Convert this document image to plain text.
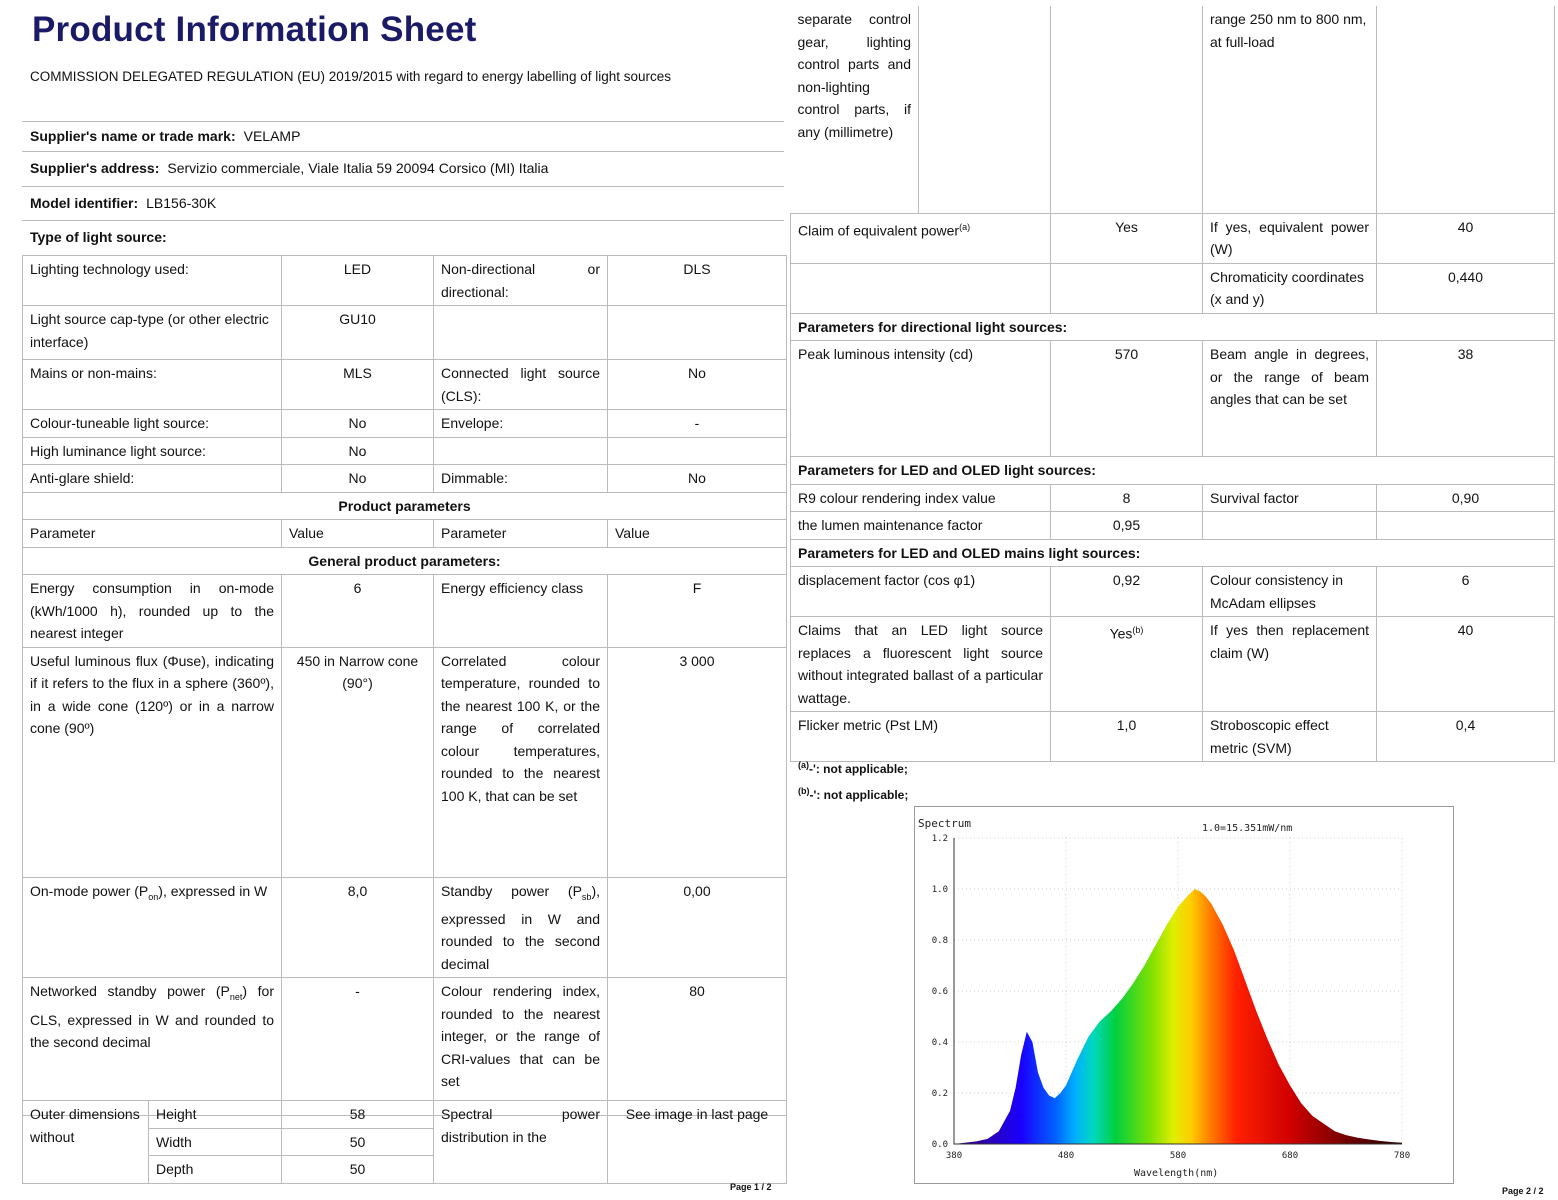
Product Information Sheet
COMMISSION DELEGATED REGULATION (EU) 2019/2015 with regard to energy labelling of light sources
Supplier's name or trade mark: VELAMP
Supplier's address: Servizio commerciale, Viale Italia 59 20094 Corsico (MI) Italia
Model identifier: LB156-30K
Type of light source:
Lighting technology used:	LED	Non-directional or directional:	DLS
Light source cap-type (or other electric interface)	GU10		
Mains or non-mains:	MLS	Connected light source (CLS):	No
Colour-tuneable light source:	No	Envelope:	-
High luminance light source:	No		
Anti-glare shield:	No	Dimmable:	No
Product parameters			
Parameter	Value	Parameter	Value
General product parameters:			
Energy consumption in on-mode (kWh/1000 h), rounded up to the nearest integer	6	Energy efficiency class	F
Useful luminous flux (Φuse), indicating if it refers to the flux in a sphere (360º), in a wide cone (120º) or in a narrow cone (90º)	450 in Narrow cone (90°)	Correlated colour temperature, rounded to the nearest 100 K, or the range of correlated colour temperatures, rounded to the nearest 100 K, that can be set	3 000
On-mode power $(P_{on})$, expressed in W	8,0	Standby power $(P_{sb})$, expressed in W and rounded to the second decimal	0,00
Networked standby power $(P_{net})$ for CLS, expressed in W and rounded to the second decimal	-	Colour rendering index, rounded to the nearest integer, or the range of CRI-values that can be set	80
Outer dimensions without	Height	58	Spectral power distribution in the	See image in last page
	Width	50		
	Depth	50		
Page 1 / 2
separate control gear, lighting control parts and non-lighting control parts, if any (millimetre)			range 250 nm to 800 nm, at full-load	
Claim of equivalent power$^{(a)}$		Yes	If yes, equivalent power (W)	40
			Chromaticity coordinates (x and y)	0,440
Parameters for directional light sources:				
Peak luminous intensity (cd)		570	Beam angle in degrees, or the range of beam angles that can be set	38
Parameters for LED and OLED light sources:				
R9 colour rendering index value		8	Survival factor	0,90
the lumen maintenance factor		0,95		
Parameters for LED and OLED mains light sources:				
displacement factor (cos φ1)		0,92	Colour consistency in McAdam ellipses	6
Claims that an LED light source replaces a fluorescent light source without integrated ballast of a particular wattage.		Yes$^{(b)}$	If yes then replacement claim (W)	40
Flicker metric (Pst LM)		1,0	Stroboscopic effect metric (SVM)	0,4
$^{(a)}$-': not applicable;
$^{(b)}$-': not applicable;
Page 2 / 2
0.0
0.2
0.4
0.6
0.8
1.0
1.2
380	480	580	680	780
Spectrum	1.0=15.351mW/nm
Wavelength(nm)
